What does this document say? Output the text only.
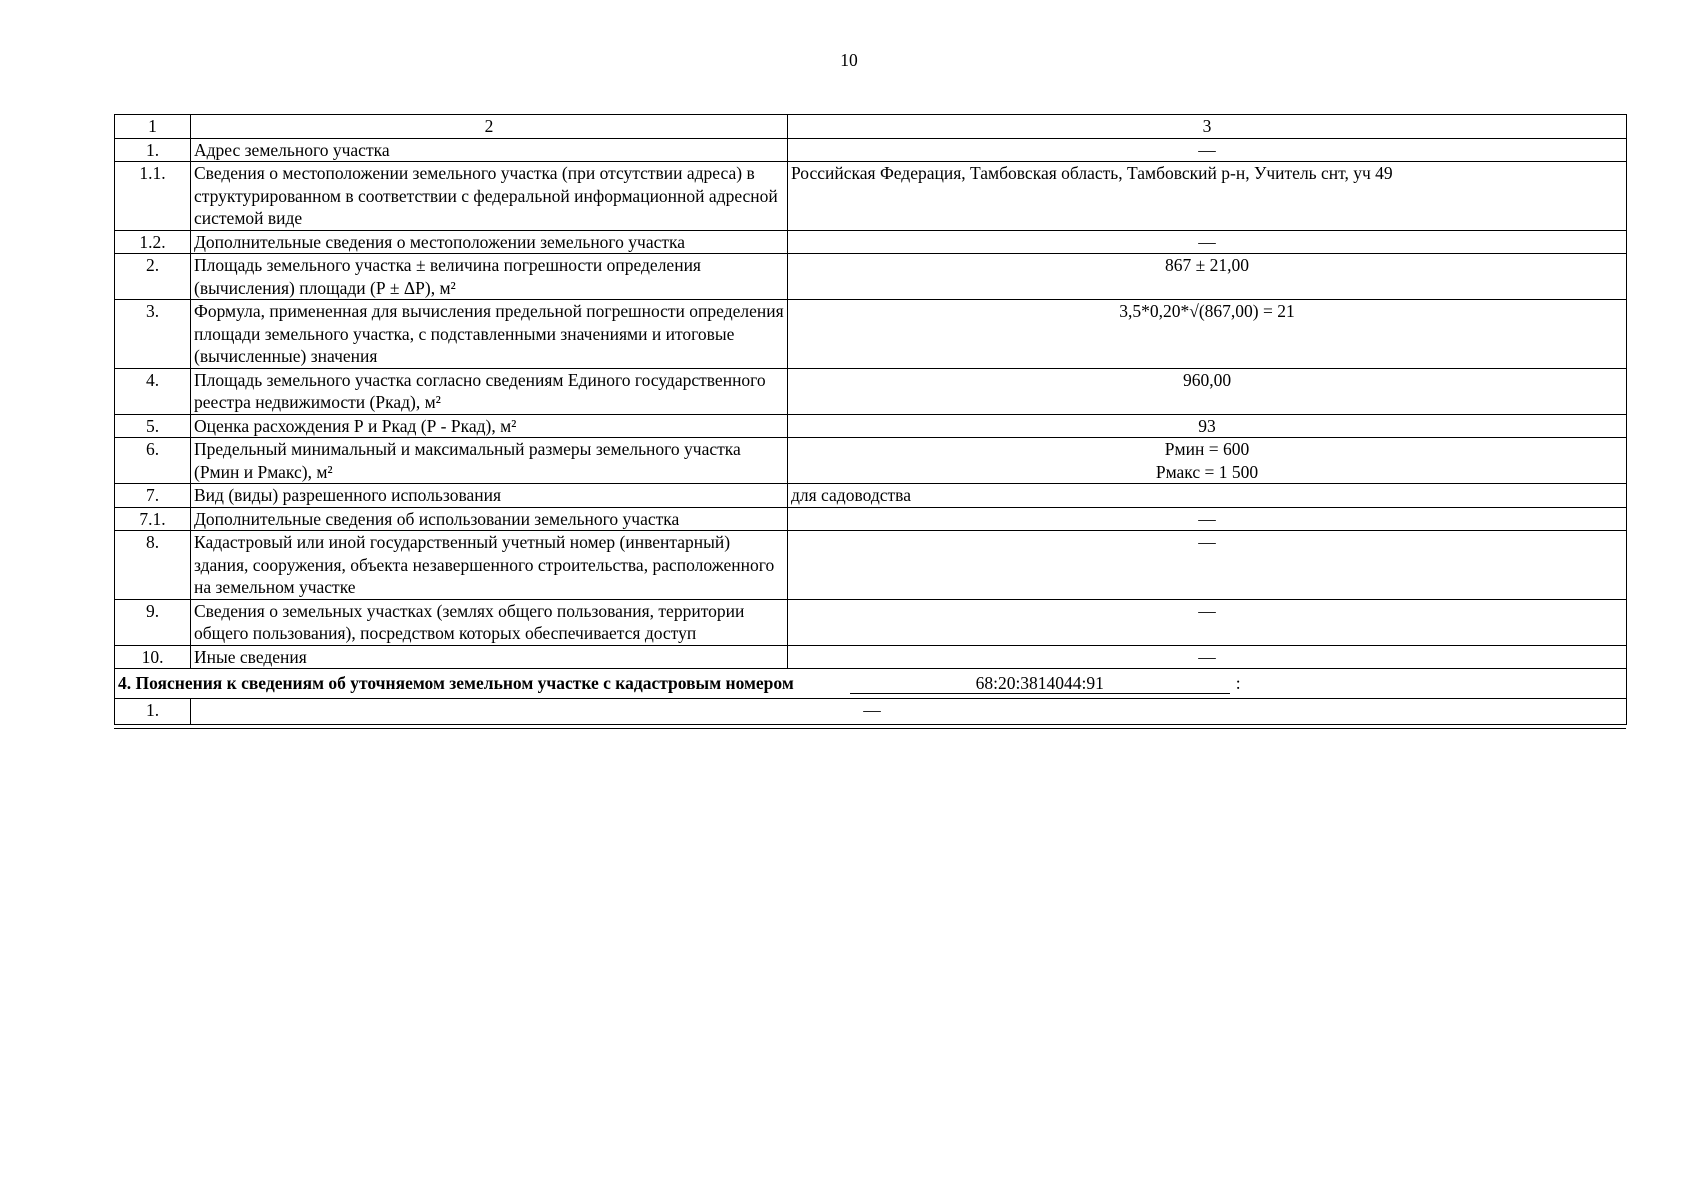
10
1	2	3
1.	Адрес земельного участка	—
1.1.	Сведения о местоположении земельного участка (при отсутствии адреса) в структурированном в соответствии с федеральной информационной адресной системой виде	Российская Федерация, Тамбовская область, Тамбовский р-н, Учитель снт, уч 49
1.2.	Дополнительные сведения о местоположении земельного участка	—
2.	Площадь земельного участка ± величина погрешности определения (вычисления) площади (Р ± ΔР), м²	867 ± 21,00
3.	Формула, примененная для вычисления предельной погрешности определения площади земельного участка, с подставленными значениями и итоговые (вычисленные) значения	3,5*0,20*√(867,00) = 21
4.	Площадь земельного участка согласно сведениям Единого государственного реестра недвижимости (Ркад), м²	960,00
5.	Оценка расхождения Р и Ркад (Р - Ркад), м²	93
6.	Предельный минимальный и максимальный размеры земельного участка (Рмин и Рмакс), м²	Рмин = 600
Рмакс = 1 500

7.	Вид (виды) разрешенного использования	для садоводства
7.1.	Дополнительные сведения об использовании земельного участка	—
8.	Кадастровый или иной государственный учетный номер (инвентарный) здания, сооружения, объекта незавершенного строительства, расположенного на земельном участке	—
9.	Сведения о земельных участках (землях общего пользования, территории общего пользования), посредством которых обеспечивается доступ	—
10.	Иные сведения	—
4. Пояснения к сведениям об уточняемом земельном участке с кадастровым номером 68:20:3814044:91 :		
1.	—	
